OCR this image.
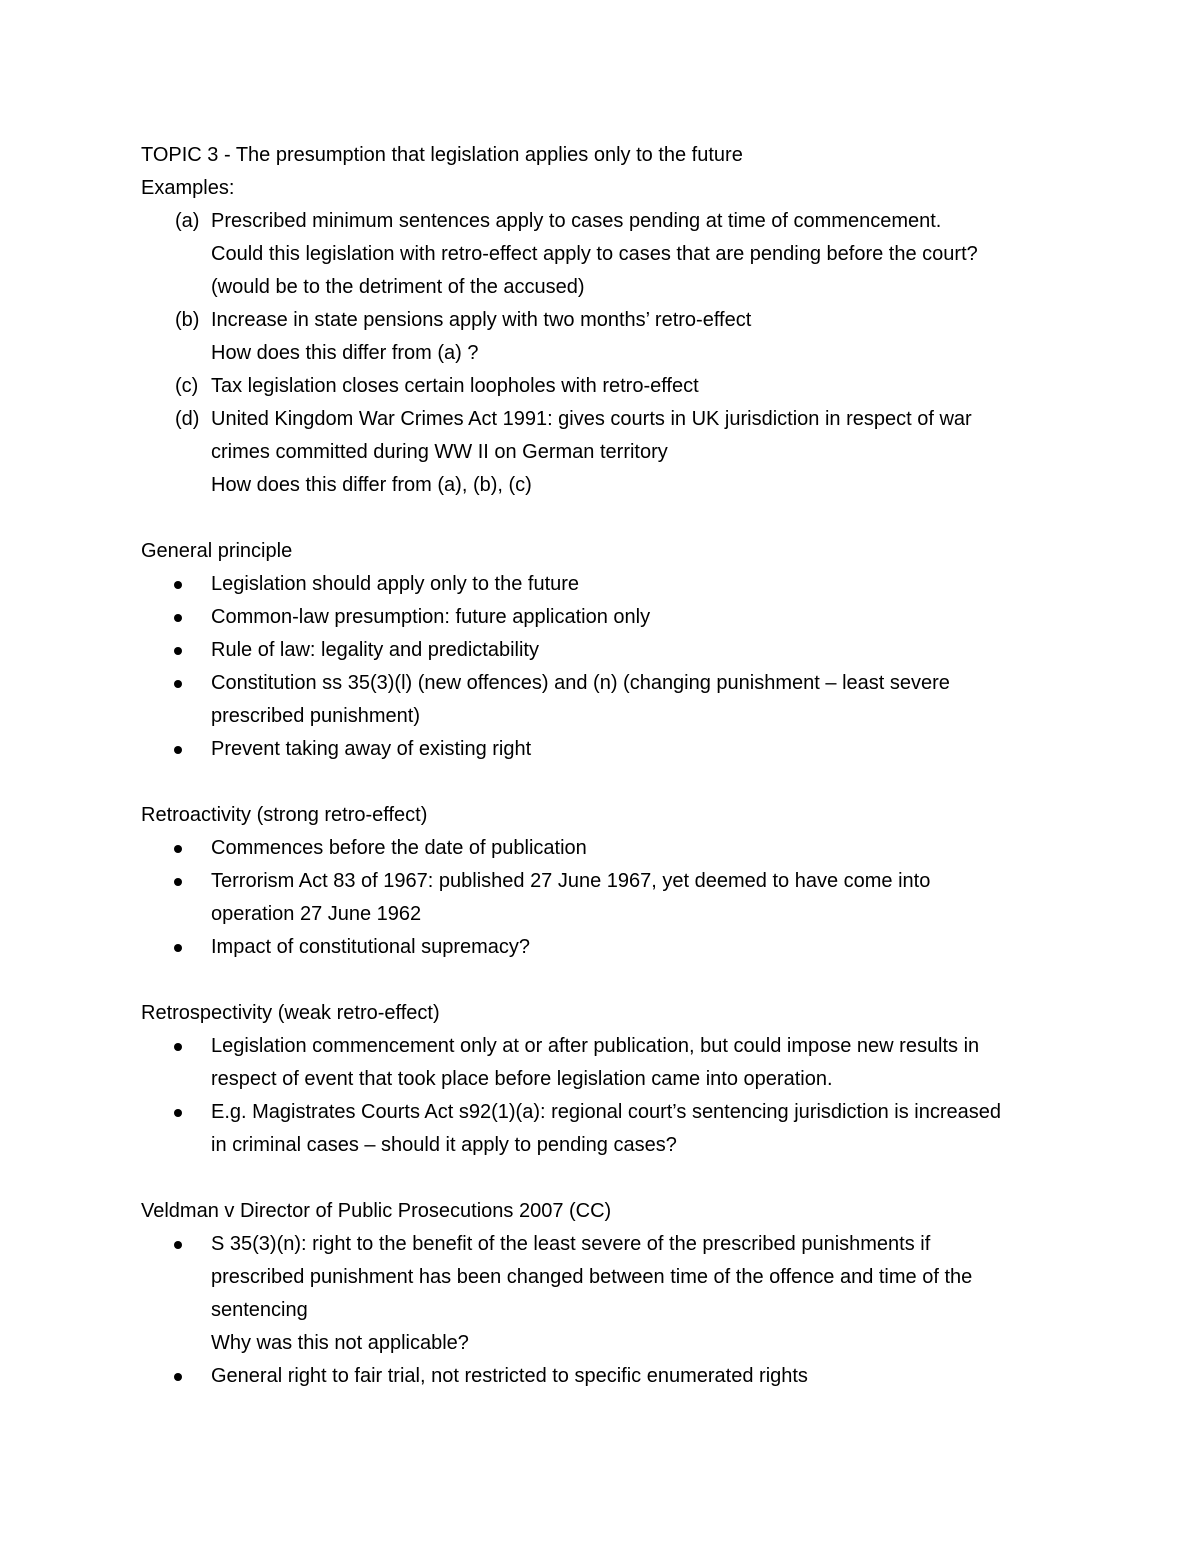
TOPIC 3 - The presumption that legislation applies only to the future
Examples:
(a) Prescribed minimum sentences apply to cases pending at time of commencement.
Could this legislation with retro-effect apply to cases that are pending before the court?
(would be to the detriment of the accused)
(b) Increase in state pensions apply with two months’ retro-effect
How does this differ from (a) ?
(c) Tax legislation closes certain loopholes with retro-effect
(d) United Kingdom War Crimes Act 1991: gives courts in UK jurisdiction in respect of war
crimes committed during WW II on German territory
How does this differ from (a), (b), (c)
General principle
Legislation should apply only to the future
Common-law presumption: future application only
Rule of law: legality and predictability
Constitution ss 35(3)(l) (new offences) and (n) (changing punishment – least severe
prescribed punishment)
Prevent taking away of existing right
Retroactivity (strong retro-effect)
Commences before the date of publication
Terrorism Act 83 of 1967: published 27 June 1967, yet deemed to have come into
operation 27 June 1962
Impact of constitutional supremacy?
Retrospectivity (weak retro-effect)
Legislation commencement only at or after publication, but could impose new results in
respect of event that took place before legislation came into operation.
E.g. Magistrates Courts Act s92(1)(a): regional court’s sentencing jurisdiction is increased
in criminal cases – should it apply to pending cases?
Veldman v Director of Public Prosecutions 2007 (CC)
S 35(3)(n): right to the benefit of the least severe of the prescribed punishments if
prescribed punishment has been changed between time of the offence and time of the
sentencing
Why was this not applicable?
General right to fair trial, not restricted to specific enumerated rights
